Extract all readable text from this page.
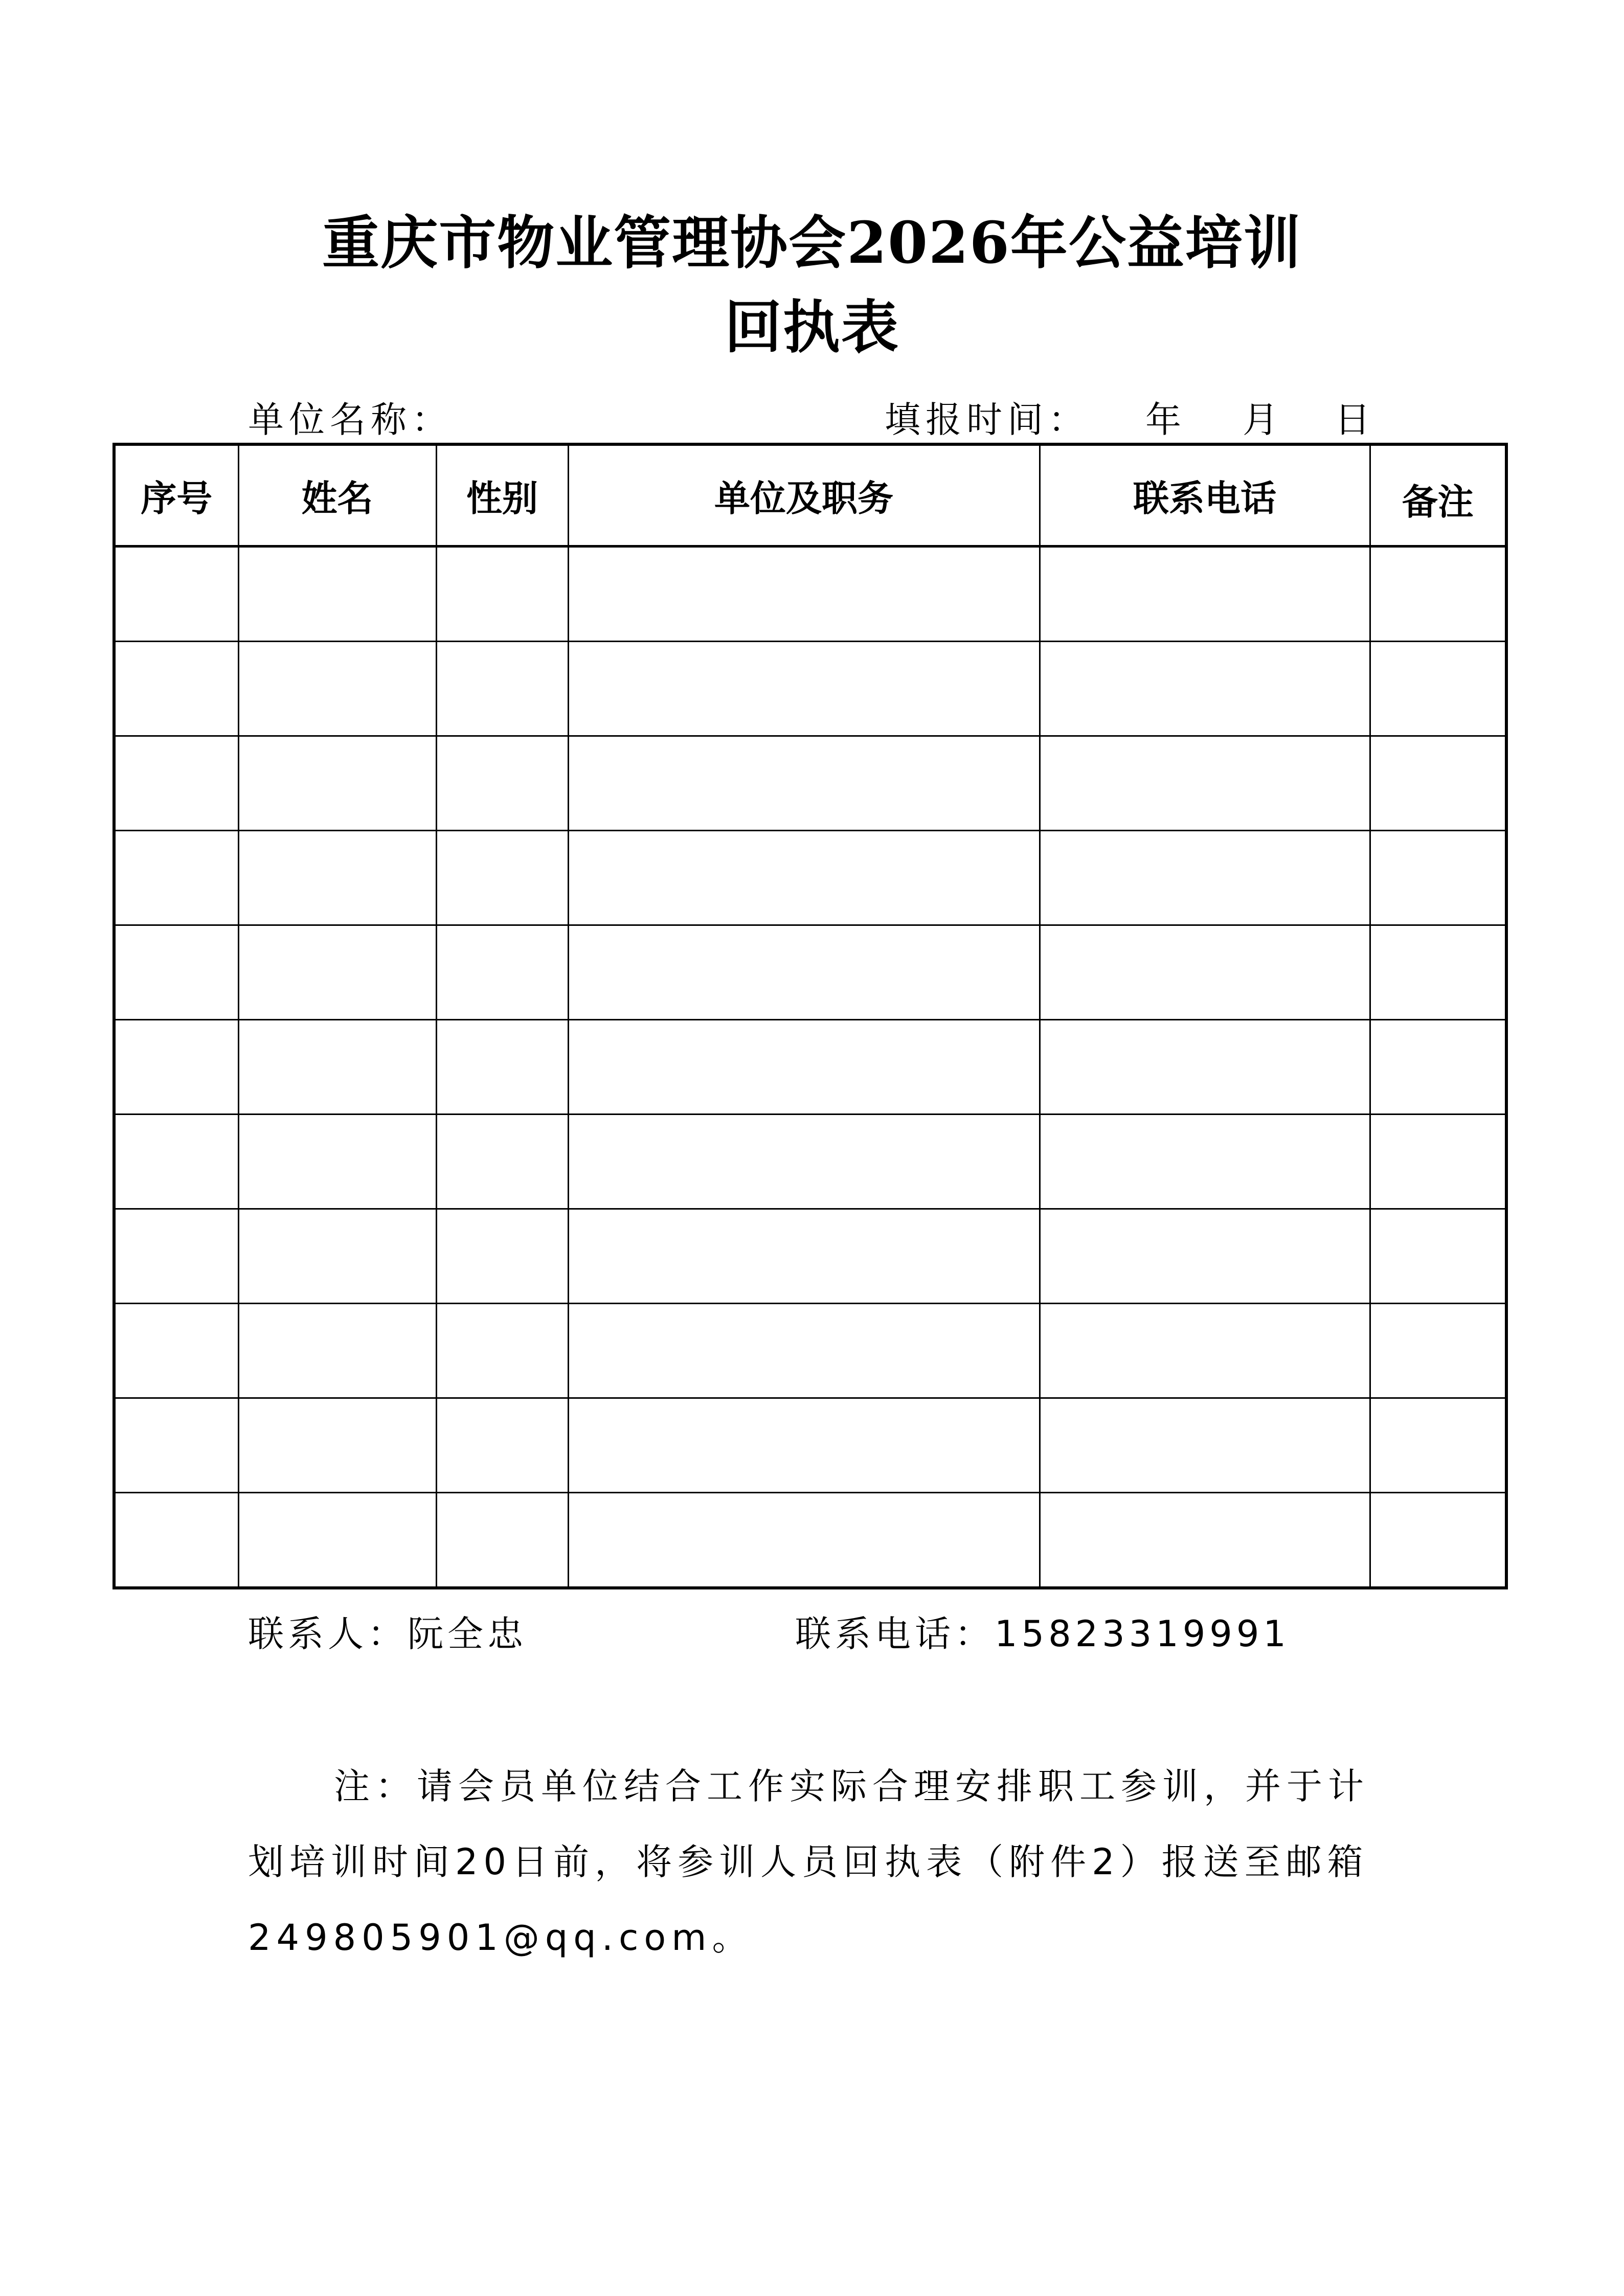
重庆市物业管理协会2026年公益培训
回执表
单位名称：	填报时间： 年 月 日
序号	姓名	性别	单位及职务	联系电话	备注

联系人：阮全忠	联系电话：15823319991
注：请会员单位结合工作实际合理安排职工参训，并于计划培训时间20日前，将参训人员回执表（附件2）报送至邮箱249805901@qq.com。
